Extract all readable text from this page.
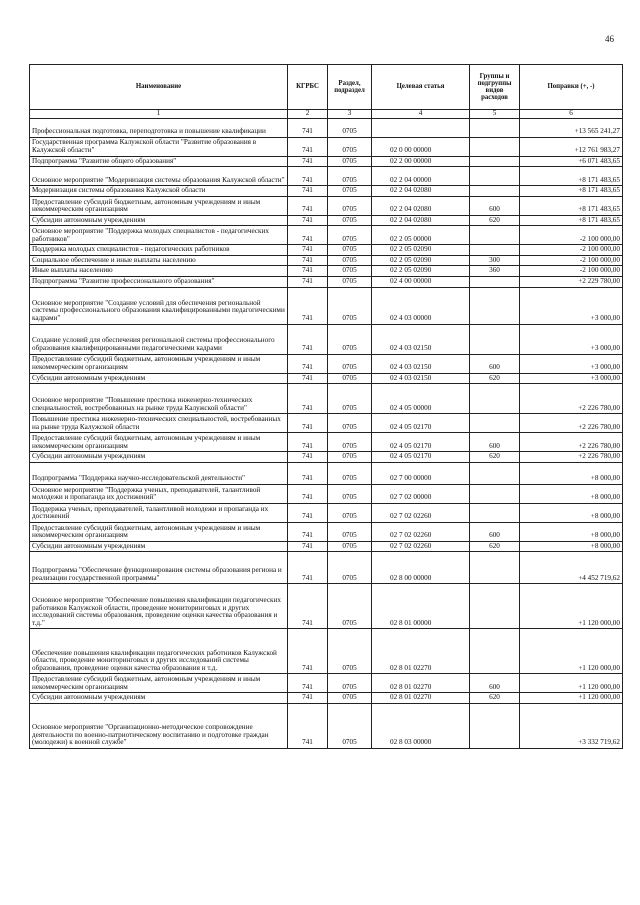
46
Наименование	КГРБС	Раздел, подраздел	Целевая статья	Группы и подгруппы видов расходов	Поправки (+, -)
1	2	3	4	5	6
Профессиональная подготовка, переподготовка и повышение квалификации	741	0705			+13 565 241,27
Государственная программа Калужской области "Развитие образования в Калужской области"	741	0705	02 0 00 00000		+12 761 983,27
Подпрограмма "Развитие общего образования"	741	0705	02 2 00 00000		+6 071 483,65
Основное мероприятие "Модернизация системы образования Калужской области"	741	0705	02 2 04 00000		+8 171 483,65
Модернизация системы образования Калужской области	741	0705	02 2 04 02080		+8 171 483,65
Предоставление субсидий бюджетным, автономным учреждениям и иным некоммерческим организациям	741	0705	02 2 04 02080	600	+8 171 483,65
Субсидии автономным учреждениям	741	0705	02 2 04 02080	620	+8 171 483,65
Основное мероприятие "Поддержка молодых специалистов - педагогических работников"	741	0705	02 2 05 00000		-2 100 000,00
Поддержка молодых специалистов - педагогических работников	741	0705	02 2 05 02090		-2 100 000,00
Социальное обеспечение и иные выплаты населению	741	0705	02 2 05 02090	300	-2 100 000,00
Иные выплаты населению	741	0705	02 2 05 02090	360	-2 100 000,00
Подпрограмма "Развитие профессионального образования"	741	0705	02 4 00 00000		+2 229 780,00
Основное мероприятие "Создание условий для обеспечения региональной системы профессионального образования квалифицированными педагогическими кадрами"	741	0705	02 4 03 00000		+3 000,00
Создание условий для обеспечения региональной системы профессионального образования квалифицированными педагогическими кадрами	741	0705	02 4 03 02150		+3 000,00
Предоставление субсидий бюджетным, автономным учреждениям и иным некоммерческим организациям	741	0705	02 4 03 02150	600	+3 000,00
Субсидии автономным учреждениям	741	0705	02 4 03 02150	620	+3 000,00
Основное мероприятие "Повышение престижа инженерно-технических специальностей, востребованных на рынке труда Калужской области"	741	0705	02 4 05 00000		+2 226 780,00
Повышение престижа инженерно-технических специальностей, востребованных на рынке труда Калужской области	741	0705	02 4 05 02170		+2 226 780,00
Предоставление субсидий бюджетным, автономным учреждениям и иным некоммерческим организациям	741	0705	02 4 05 02170	600	+2 226 780,00
Субсидии автономным учреждениям	741	0705	02 4 05 02170	620	+2 226 780,00
Подпрограмма "Поддержка научно-исследовательской деятельности"	741	0705	02 7 00 00000		+8 000,00
Основное мероприятие "Поддержка ученых, преподавателей, талантливой молодежи и пропаганда их достижений"	741	0705	02 7 02 00000		+8 000,00
Поддержка ученых, преподавателей, талантливой молодежи и пропаганда их достижений	741	0705	02 7 02 02260		+8 000,00
Предоставление субсидий бюджетным, автономным учреждениям и иным некоммерческим организациям	741	0705	02 7 02 02260	600	+8 000,00
Субсидии автономным учреждениям	741	0705	02 7 02 02260	620	+8 000,00
Подпрограмма "Обеспечение функционирования системы образования региона и реализации государственной программы"	741	0705	02 8 00 00000		+4 452 719,62
Основное мероприятие "Обеспечение повышения квалификации педагогических работников Калужской области, проведение мониторинговых и других исследований системы образования, проведение оценки качества образования и т.д."	741	0705	02 8 01 00000		+1 120 000,00
Обеспечение повышения квалификации педагогических работников Калужской области, проведение мониторинговых и других исследований системы образования, проведение оценки качества образования и т.д.	741	0705	02 8 01 02270		+1 120 000,00
Предоставление субсидий бюджетным, автономным учреждениям и иным некоммерческим организациям	741	0705	02 8 01 02270	600	+1 120 000,00
Субсидии автономным учреждениям	741	0705	02 8 01 02270	620	+1 120 000,00
Основное мероприятие "Организационно-методическое сопровождение деятельности по военно-патриотическому воспитанию и подготовке граждан (молодежи) к военной службе"	741	0705	02 8 03 00000		+3 332 719,62
